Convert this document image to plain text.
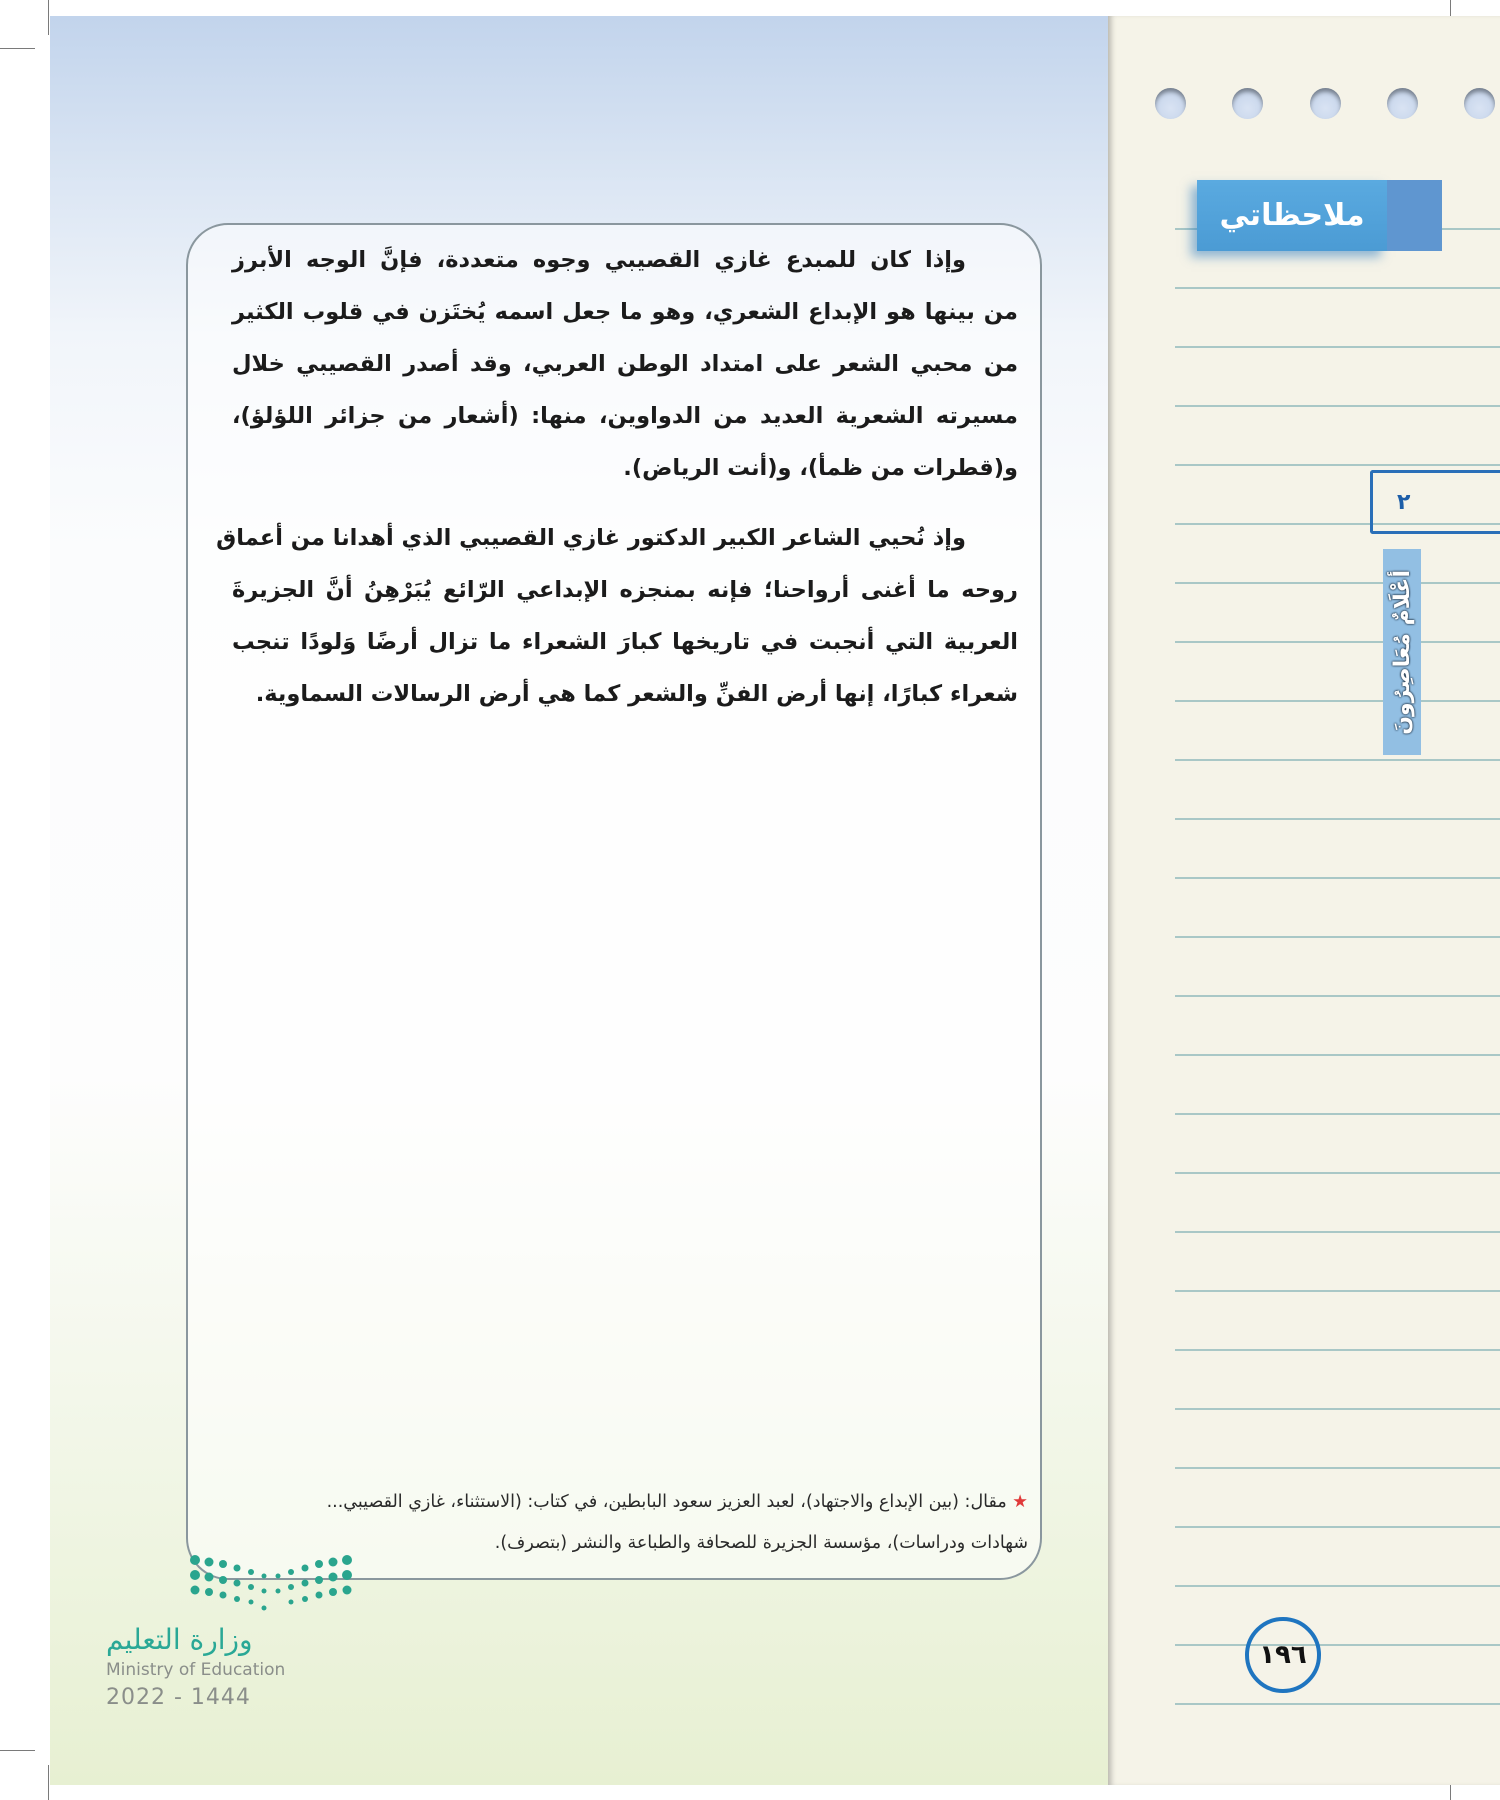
ملاحظاتي
٢
أعْلَامٌ مُعَاصِرُونَ
١٩٦
وإذا كان للمبدع غازي القصيبي وجوه متعددة، فإنَّ الوجه الأبرز
من بينها هو الإبداع الشعري، وهو ما جعل اسمه يُختَزن في قلوب الكثير
من محبي الشعر على امتداد الوطن العربي، وقد أصدر القصيبي خلال
مسيرته الشعرية العديد من الدواوين، منها: (أشعار من جزائر اللؤلؤ)،
و(قطرات من ظمأ)، و(أنت الرياض).
وإذ نُحيي الشاعر الكبير الدكتور غازي القصيبي الذي أهدانا من أعماق
روحه ما أغنى أرواحنا؛ فإنه بمنجزه الإبداعي الرّائع يُبَرْهِنُ أنَّ الجزيرةَ
العربية التي أنجبت في تاريخها كبارَ الشعراء ما تزال أرضًا وَلودًا تنجب
شعراء كبارًا، إنها أرض الفنِّ والشعر كما هي أرض الرسالات السماوية.
★ مقال: (بين الإبداع والاجتهاد)، لعبد العزيز سعود البابطين، في كتاب: (الاستثناء، غازي القصيبي...
شهادات ودراسات)، مؤسسة الجزيرة للصحافة والطباعة والنشر (بتصرف).
وزارة التعليم
Ministry of Education
2022 - 1444
